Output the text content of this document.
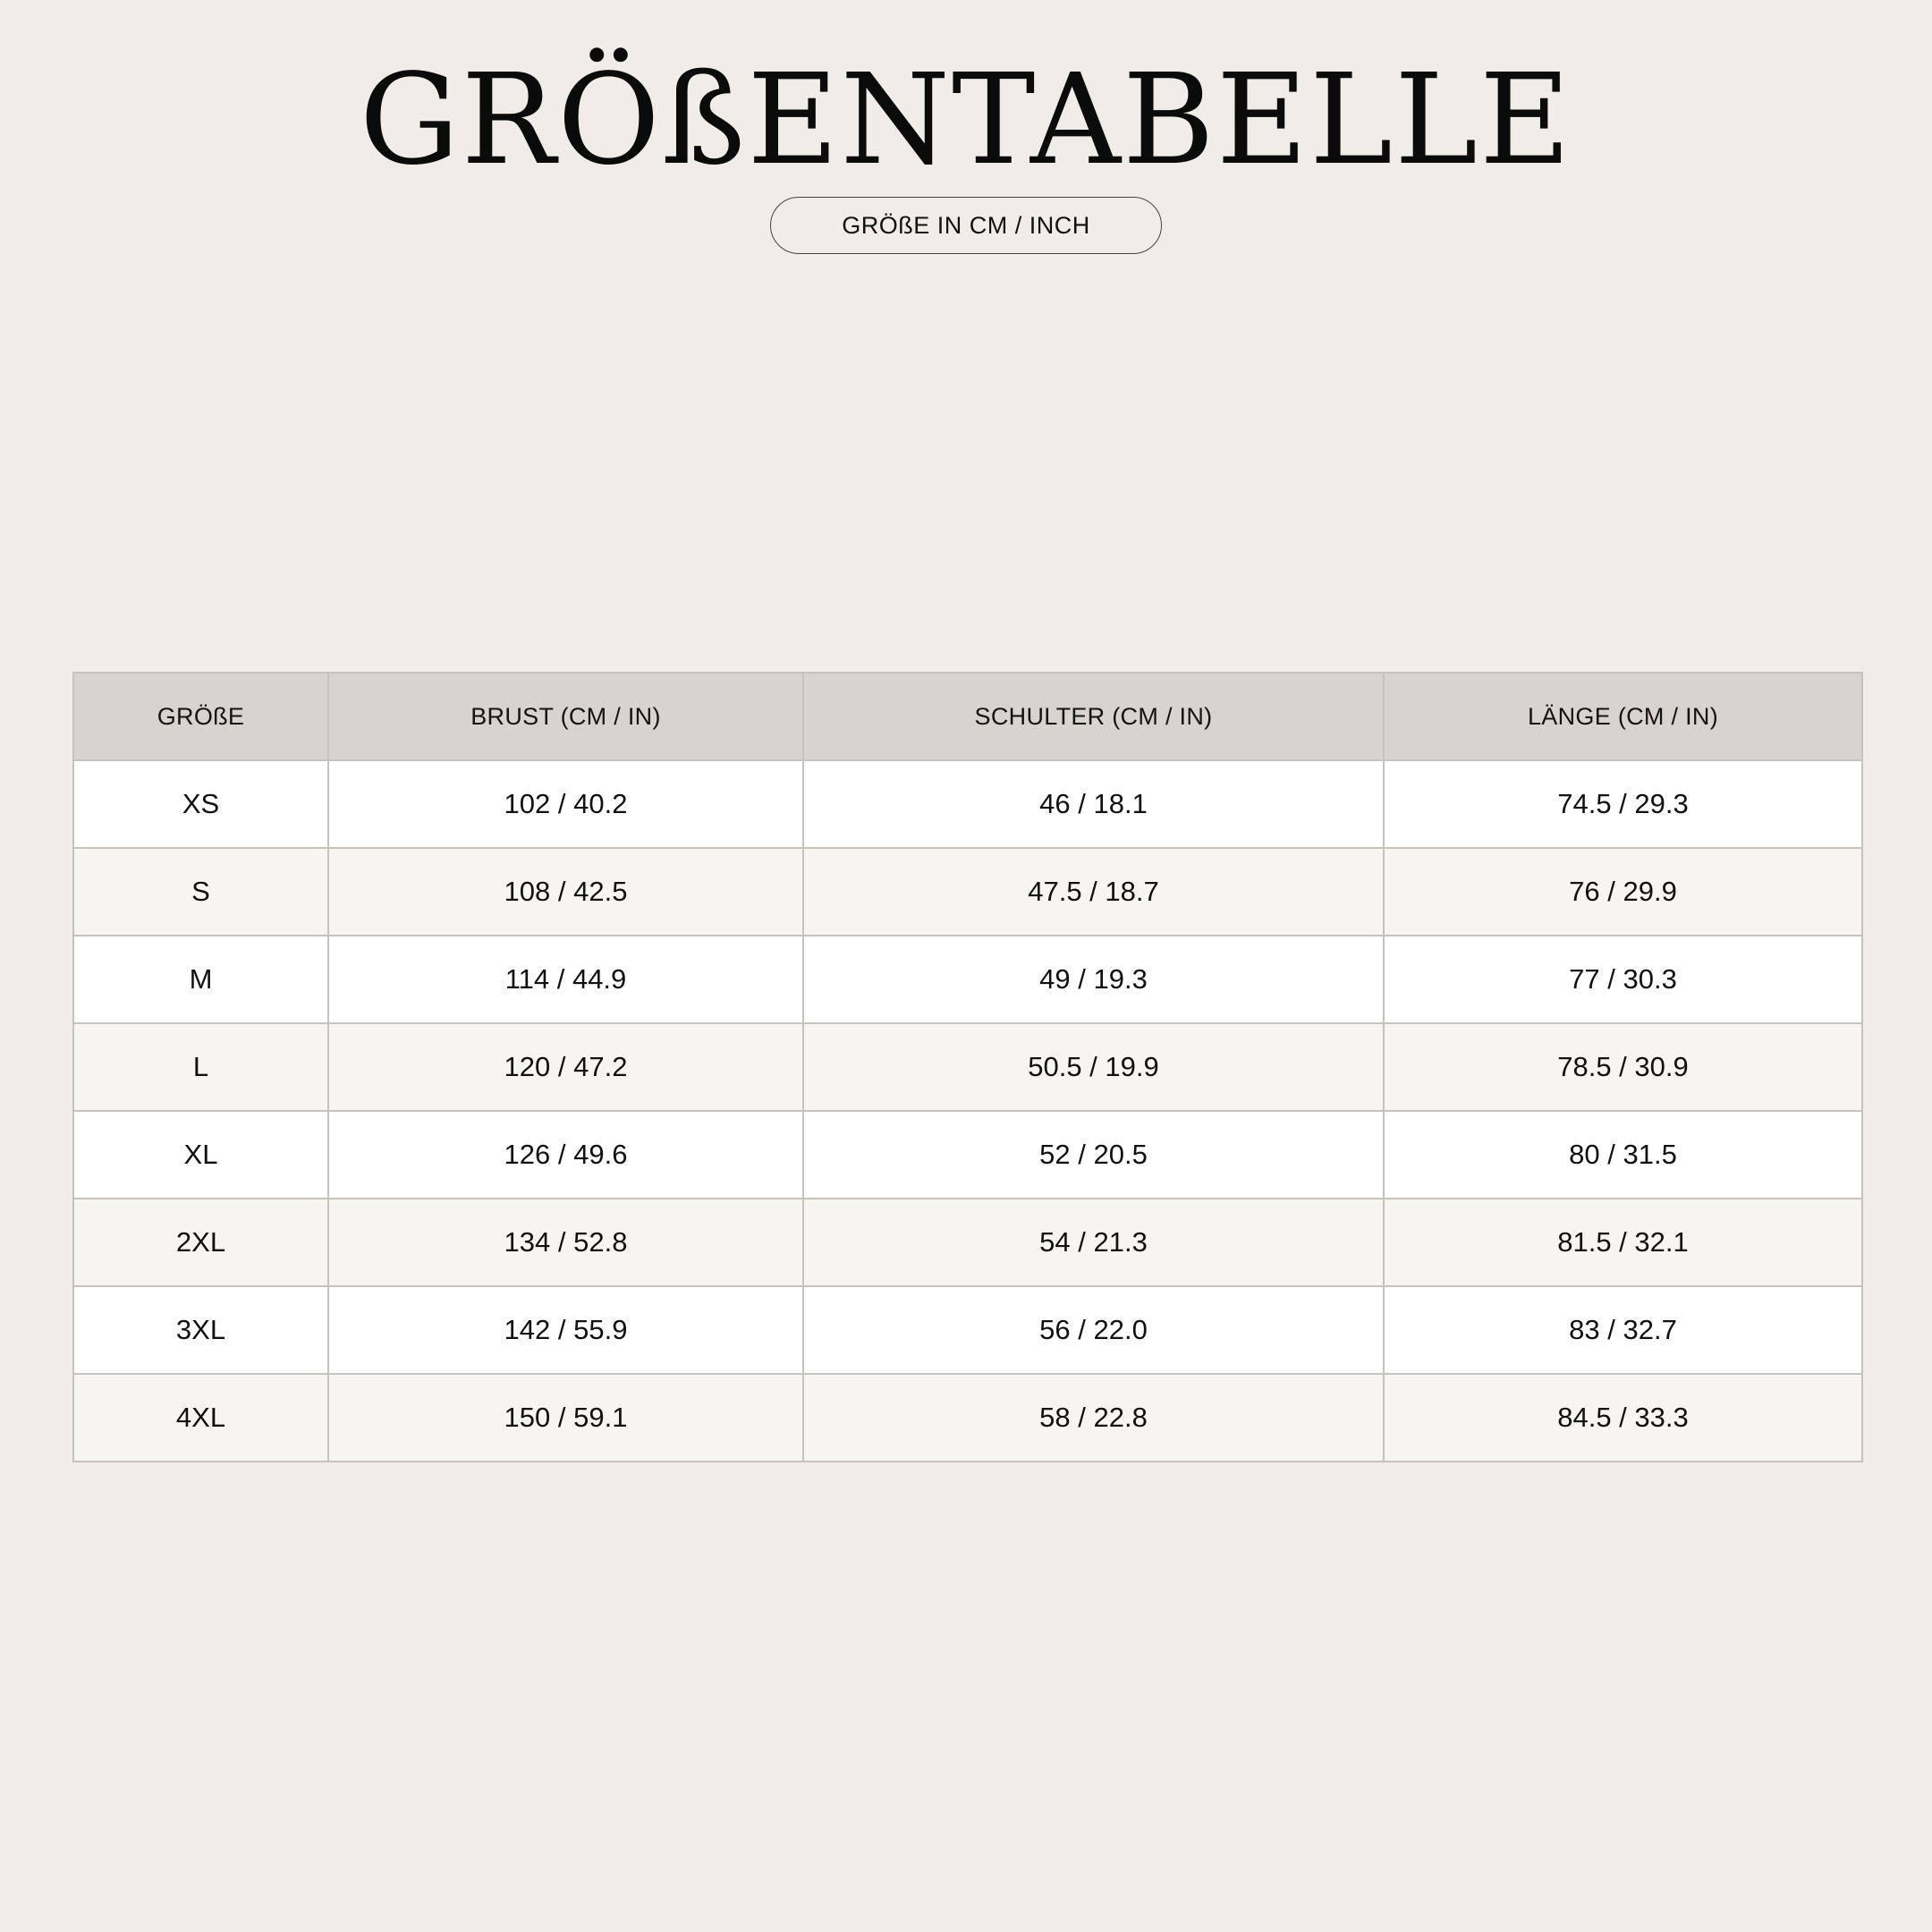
GRÖßENTABELLE
GRÖßE IN CM / INCH
GRÖßE	BRUST (CM / IN)	SCHULTER (CM / IN)	LÄNGE (CM / IN)
XS	102 / 40.2	46 / 18.1	74.5 / 29.3
S	108 / 42.5	47.5 / 18.7	76 / 29.9
M	114 / 44.9	49 / 19.3	77 / 30.3
L	120 / 47.2	50.5 / 19.9	78.5 / 30.9
XL	126 / 49.6	52 / 20.5	80 / 31.5
2XL	134 / 52.8	54 / 21.3	81.5 / 32.1
3XL	142 / 55.9	56 / 22.0	83 / 32.7
4XL	150 / 59.1	58 / 22.8	84.5 / 33.3
